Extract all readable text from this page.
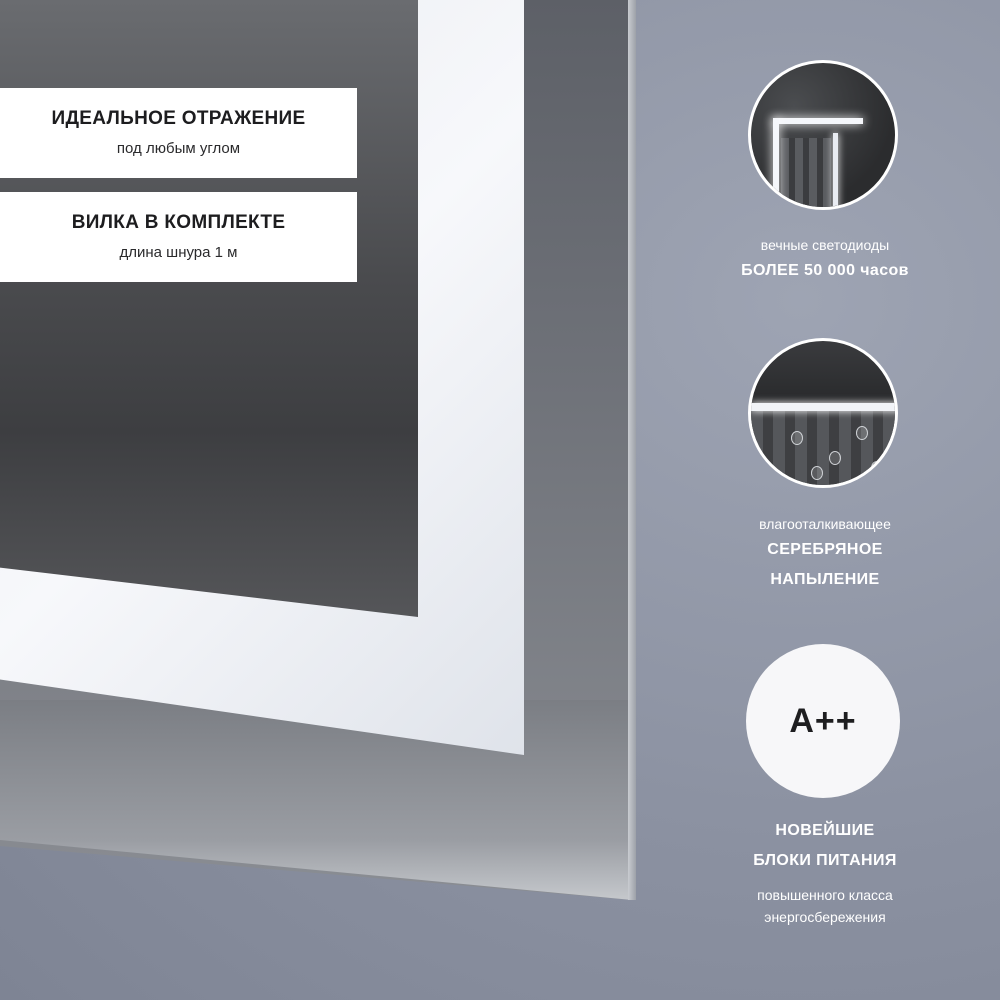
ИДЕАЛЬНОЕ ОТРАЖЕНИЕ
под любым углом
ВИЛКА В КОМПЛЕКТЕ
длина шнура 1 м	вечные светодиоды
БОЛЕЕ 50 000 часов
влагооталкивающее
СЕРЕБРЯНОЕ
НАПЫЛЕНИЕ
A++
НОВЕЙШИЕ
БЛОКИ ПИТАНИЯ
повышенного класса
энергосбережения
